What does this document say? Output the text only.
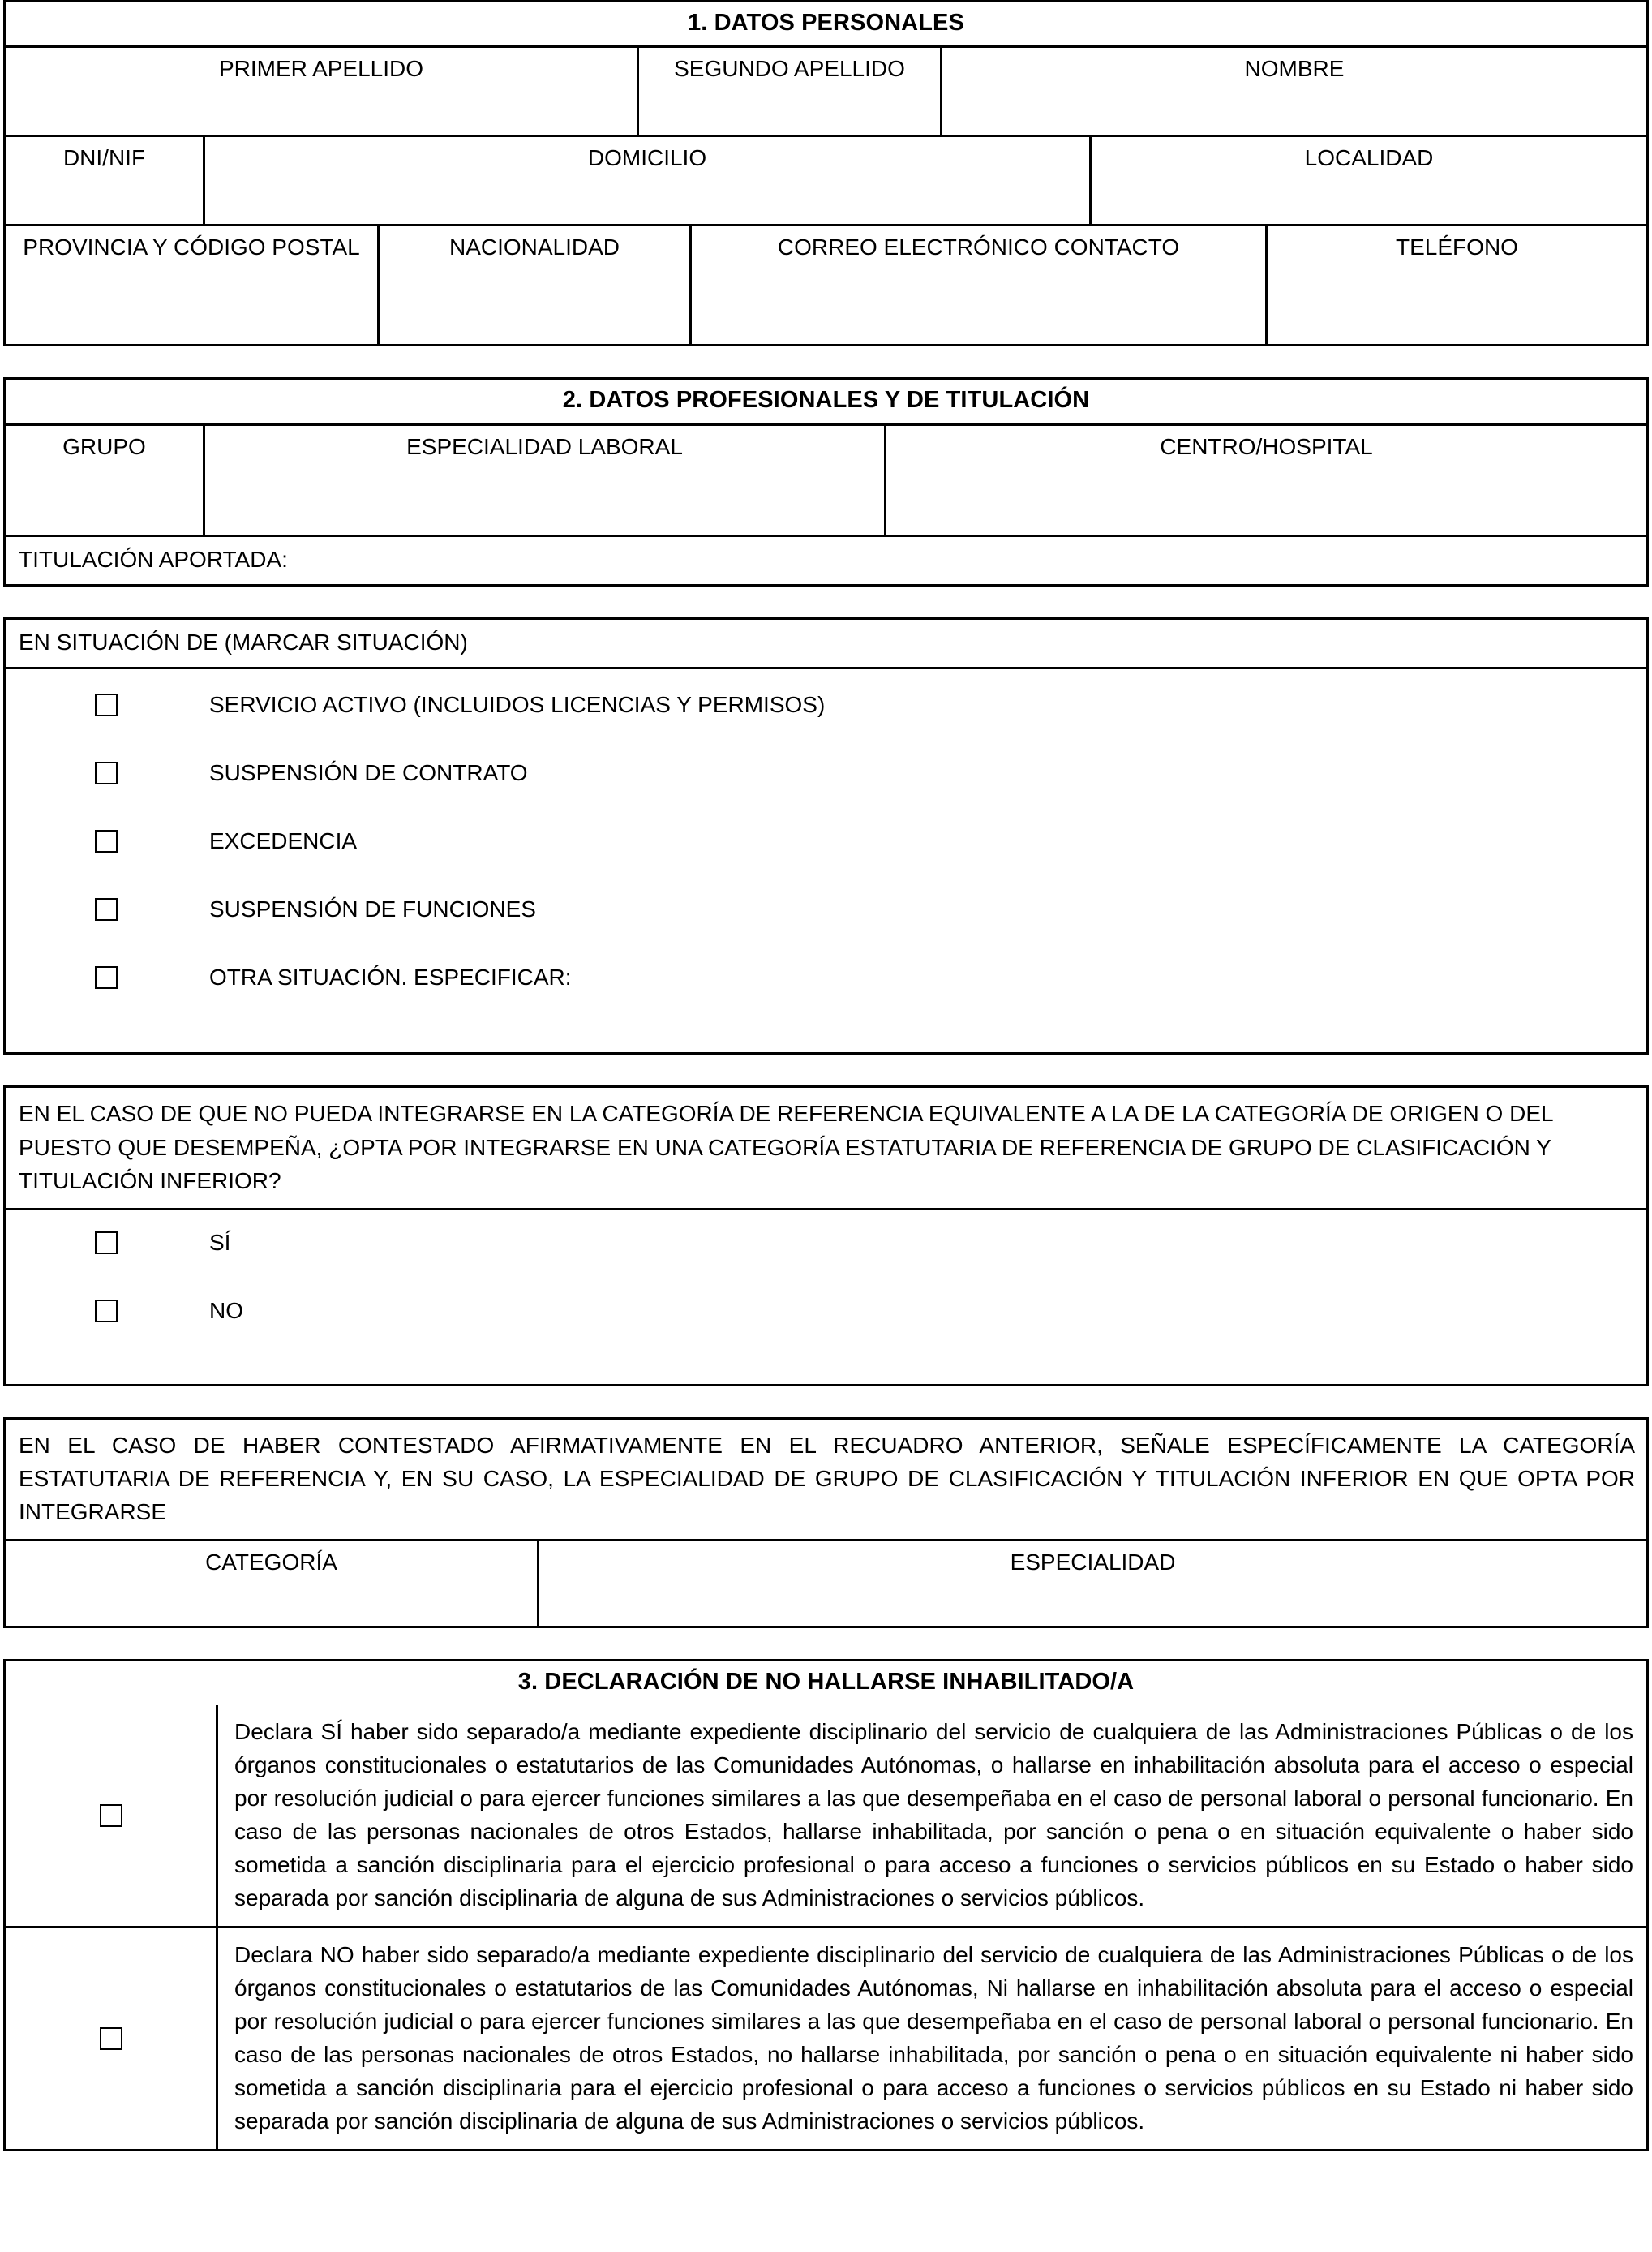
1. DATOS PERSONALES
PRIMER APELLIDO	SEGUNDO APELLIDO	NOMBRE
DNI/NIF	DOMICILIO	LOCALIDAD
PROVINCIA Y CÓDIGO POSTAL	NACIONALIDAD	CORREO ELECTRÓNICO CONTACTO	TELÉFONO
2. DATOS PROFESIONALES Y DE TITULACIÓN
GRUPO	ESPECIALIDAD LABORAL	CENTRO/HOSPITAL
TITULACIÓN APORTADA:
EN SITUACIÓN DE (MARCAR SITUACIÓN)
SERVICIO ACTIVO (INCLUIDOS LICENCIAS Y PERMISOS)
SUSPENSIÓN DE CONTRATO
EXCEDENCIA
SUSPENSIÓN DE FUNCIONES
OTRA SITUACIÓN. ESPECIFICAR:
EN EL CASO DE QUE NO PUEDA INTEGRARSE EN LA CATEGORÍA DE REFERENCIA EQUIVALENTE A LA DE LA CATEGORÍA DE ORIGEN O DEL PUESTO QUE DESEMPEÑA, ¿OPTA POR INTEGRARSE EN UNA CATEGORÍA ESTATUTARIA DE REFERENCIA DE GRUPO DE CLASIFICACIÓN Y TITULACIÓN INFERIOR?
SÍ
NO
EN EL CASO DE HABER CONTESTADO AFIRMATIVAMENTE EN EL RECUADRO ANTERIOR, SEÑALE ESPECÍFICAMENTE LA CATEGORÍA ESTATUTARIA DE REFERENCIA Y, EN SU CASO, LA ESPECIALIDAD DE GRUPO DE CLASIFICACIÓN Y TITULACIÓN INFERIOR EN QUE OPTA POR INTEGRARSE
CATEGORÍA	ESPECIALIDAD
3. DECLARACIÓN DE NO HALLARSE INHABILITADO/A

Declara SÍ haber sido separado/a mediante expediente disciplinario del servicio de cualquiera de las Administraciones Públicas o de los órganos constitucionales o estatutarios de las Comunidades Autónomas, o hallarse en inhabilitación absoluta para el acceso o especial por resolución judicial o para ejercer funciones similares a las que desempeñaba en el caso de personal laboral o personal funcionario. En caso de las personas nacionales de otros Estados, hallarse inhabilitada, por sanción o pena o en situación equivalente o haber sido sometida a sanción disciplinaria para el ejercicio profesional o para acceso a funciones o servicios públicos en su Estado o haber sido separada por sanción disciplinaria de alguna de sus Administraciones o servicios públicos.

Declara NO haber sido separado/a mediante expediente disciplinario del servicio de cualquiera de las Administraciones Públicas o de los órganos constitucionales o estatutarios de las Comunidades Autónomas, Ni hallarse en inhabilitación absoluta para el acceso o especial por resolución judicial o para ejercer funciones similares a las que desempeñaba en el caso de personal laboral o personal funcionario. En caso de las personas nacionales de otros Estados, no hallarse inhabilitada, por sanción o pena o en situación equivalente ni haber sido sometida a sanción disciplinaria para el ejercicio profesional o para acceso a funciones o servicios públicos en su Estado ni haber sido separada por sanción disciplinaria de alguna de sus Administraciones o servicios públicos.
